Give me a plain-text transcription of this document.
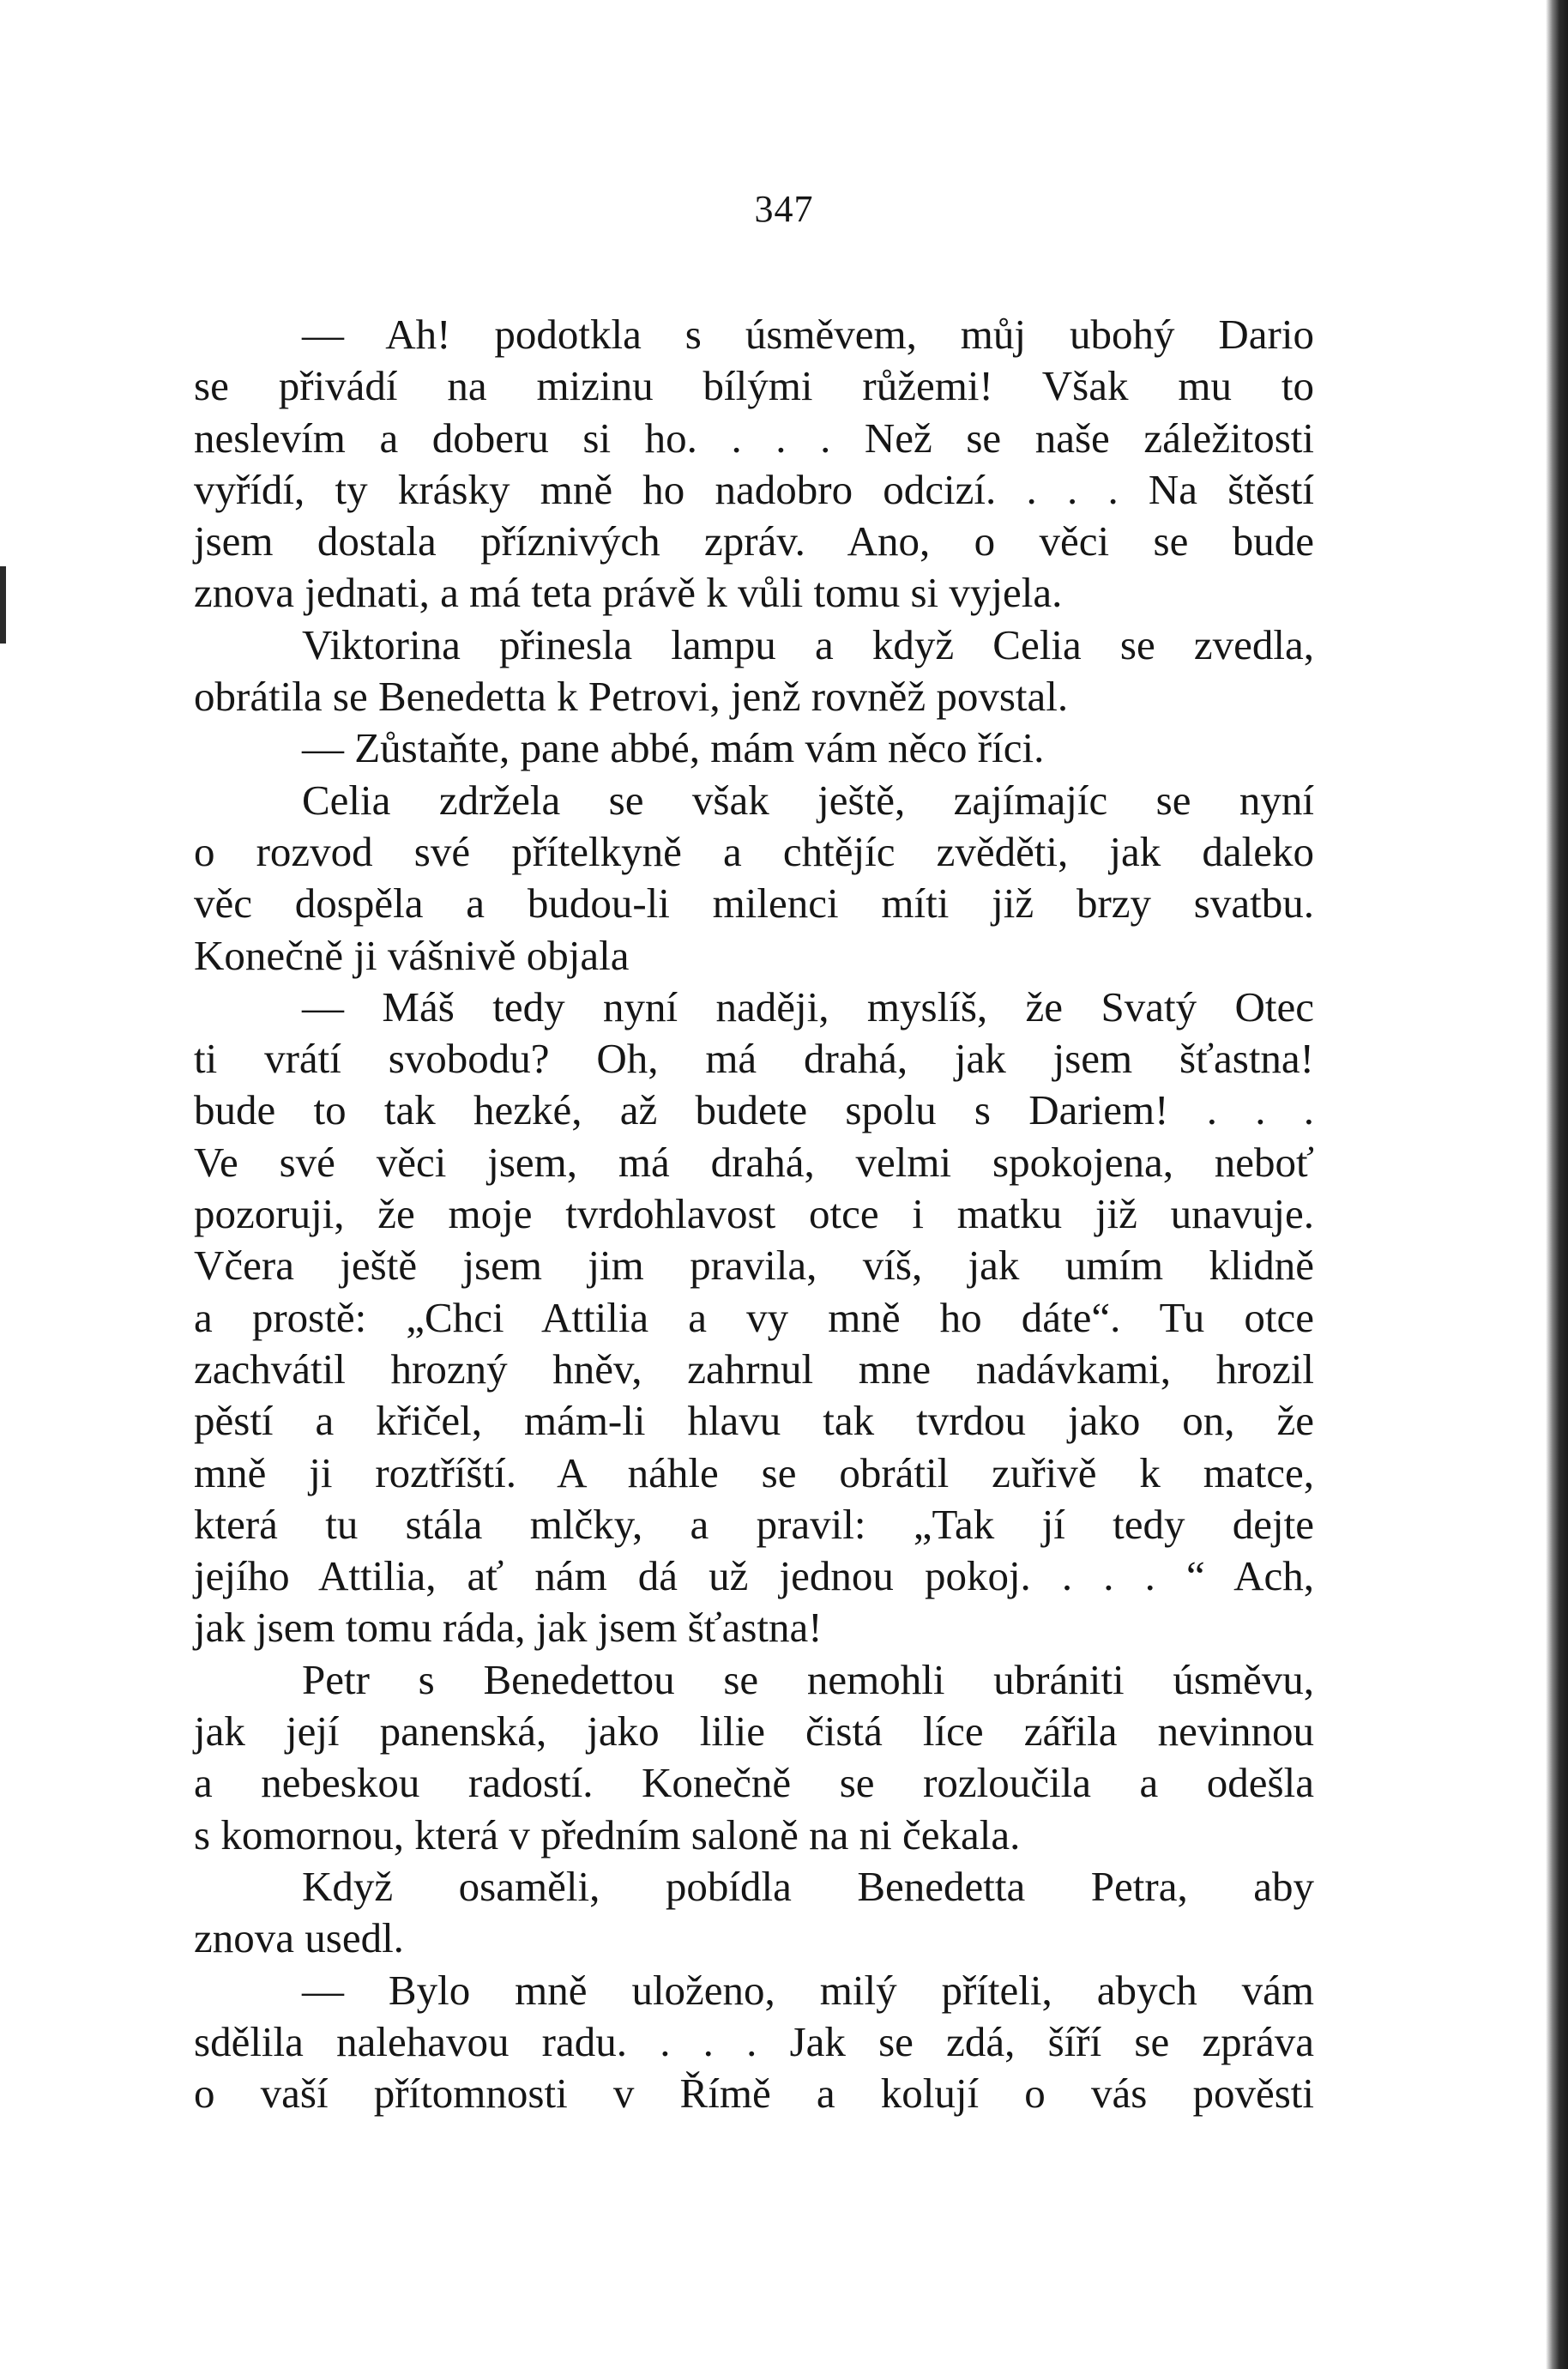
347
— Ah! podotkla s úsměvem, můj ubohý Dario
se přivádí na mizinu bílými růžemi! Však mu to
neslevím a doberu si ho. . . . Než se naše záležitosti
vyřídí, ty krásky mně ho nadobro odcizí. . . . Na štěstí
jsem dostala příznivých zpráv. Ano, o věci se bude
znova jednati, a má teta právě k vůli tomu si vyjela.
Viktorina přinesla lampu a když Celia se zvedla,
obrátila se Benedetta k Petrovi, jenž rovněž povstal.
— Zůstaňte, pane abbé, mám vám něco říci.
Celia zdržela se však ještě, zajímajíc se nyní
o rozvod své přítelkyně a chtějíc zvěděti, jak daleko
věc dospěla a budou-li milenci míti již brzy svatbu.
Konečně ji vášnivě objala
— Máš tedy nyní naději, myslíš, že Svatý Otec
ti vrátí svobodu? Oh, má drahá, jak jsem šťastna!
bude to tak hezké, až budete spolu s Dariem! . . .
Ve své věci jsem, má drahá, velmi spokojena, neboť
pozoruji, že moje tvrdohlavost otce i matku již unavuje.
Včera ještě jsem jim pravila, víš, jak umím klidně
a prostě: „Chci Attilia a vy mně ho dáte“. Tu otce
zachvátil hrozný hněv, zahrnul mne nadávkami, hrozil
pěstí a křičel, mám-li hlavu tak tvrdou jako on, že
mně ji roztříští. A náhle se obrátil zuřivě k matce,
která tu stála mlčky, a pravil: „Tak jí tedy dejte
jejího Attilia, ať nám dá už jednou pokoj. . . . “ Ach,
jak jsem tomu ráda, jak jsem šťastna!
Petr s Benedettou se nemohli ubrániti úsměvu,
jak její panenská, jako lilie čistá líce zářila nevinnou
a nebeskou radostí. Konečně se rozloučila a odešla
s komornou, která v předním saloně na ni čekala.
Když osaměli, pobídla Benedetta Petra, aby
znova usedl.
— Bylo mně uloženo, milý příteli, abych vám
sdělila nalehavou radu. . . . Jak se zdá, šíří se zpráva
o vaší přítomnosti v Římě a kolují o vás pověsti
